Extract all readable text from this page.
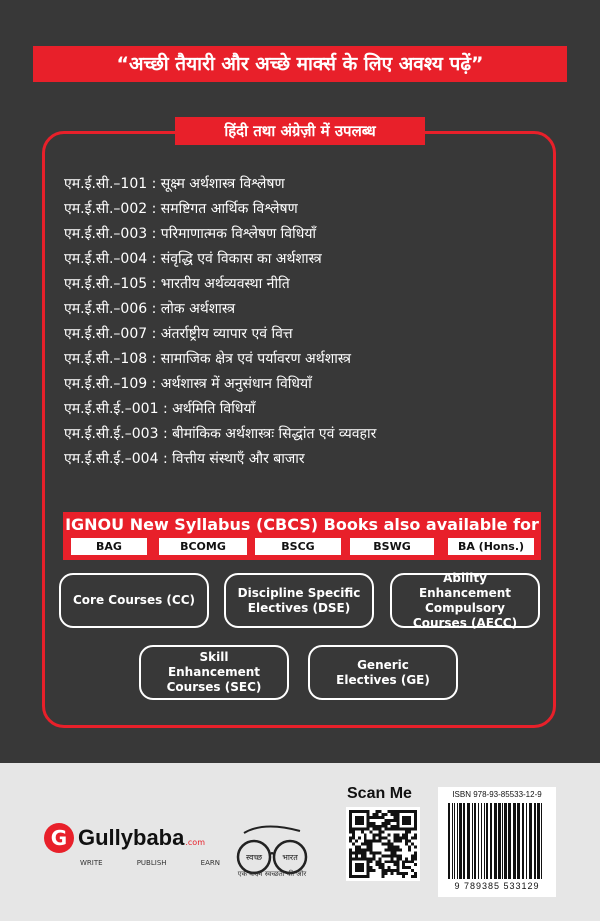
“अच्छी तैयारी और अच्छे मार्क्स के लिए अवश्य पढ़ें”
हिंदी तथा अंग्रेज़ी में उपलब्ध
एम.ई.सी.–101 : सूक्ष्म अर्थशास्त्र विश्लेषण
एम.ई.सी.–002 : समष्टिगत आर्थिक विश्लेषण
एम.ई.सी.–003 : परिमाणात्मक विश्लेषण विधियाँ
एम.ई.सी.–004 : संवृद्धि एवं विकास का अर्थशास्त्र
एम.ई.सी.–105 : भारतीय अर्थव्यवस्था नीति
एम.ई.सी.–006 : लोक अर्थशास्त्र
एम.ई.सी.–007 : अंतर्राष्ट्रीय व्यापार एवं वित्त
एम.ई.सी.–108 : सामाजिक क्षेत्र एवं पर्यावरण अर्थशास्त्र
एम.ई.सी.–109 : अर्थशास्त्र में अनुसंधान विधियाँ
एम.ई.सी.ई.–001 : अर्थमिति विधियाँ
एम.ई.सी.ई.–003 : बीमांकिक अर्थशास्त्रः सिद्धांत एवं व्यवहार
एम.ई.सी.ई.–004 : वित्तीय संस्थाएँ और बाजार
IGNOU New Syllabus (CBCS) Books also available for
BAG	BCOMG	BSCG	BSWG	BA (Hons.)
Core Courses (CC)
Discipline Specific Electives (DSE)
Ability Enhancement Compulsory Courses (AECC)
Skill Enhancement Courses (SEC)
Generic Electives (GE)
G Gullybaba .com
WRITE	PUBLISH	EARN
स्वच्छ	भारत
एक कदम स्वच्छता की ओर
Scan Me	ISBN 978-93-85533-12-9
9 789385 533129
